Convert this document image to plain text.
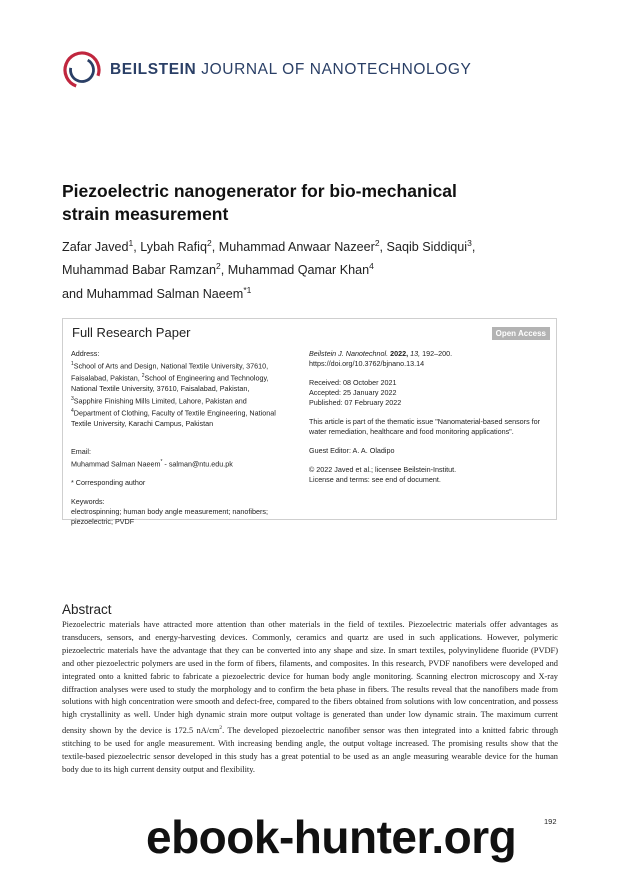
BEILSTEIN JOURNAL OF NANOTECHNOLOGY
Piezoelectric nanogenerator for bio-mechanical strain measurement
Zafar Javed$^1$, Lybah Rafiq$^2$, Muhammad Anwaar Nazeer$^2$, Saqib Siddiqui$^3$,
Muhammad Babar Ramzan$^2$, Muhammad Qamar Khan$^4$
and Muhammad Salman Naeem$^{*1}$
Full Research Paper	Open Access

Address:

$^1$School of Arts and Design, National Textile University, 37610, Faisalabad, Pakistan, $^2$School of Engineering and Technology, National Textile University, 37610, Faisalabad, Pakistan, $^3$Sapphire Finishing Mills Limited, Lahore, Pakistan and $^4$Department of Clothing, Faculty of Textile Engineering, National Textile University, Karachi Campus, Pakistan

Email:

Muhammad Salman Naeem* - salman@ntu.edu.pk

* Corresponding author

Keywords:

electrospinning; human body angle measurement; nanofibers; piezoelectric; PVDF

Beilstein J. Nanotechnol. 2022, 13, 192–200.

https://doi.org/10.3762/bjnano.13.14

Received: 08 October 2021

Accepted: 25 January 2022

Published: 07 February 2022

This article is part of the thematic issue "Nanomaterial-based sensors for water remediation, healthcare and food monitoring applications".

Guest Editor: A. A. Oladipo

© 2022 Javed et al.; licensee Beilstein-Institut.

License and terms: see end of document.

Abstract
Piezoelectric materials have attracted more attention than other materials in the field of textiles. Piezoelectric materials offer advantages as transducers, sensors, and energy-harvesting devices. Commonly, ceramics and quartz are used in such applications. However, polymeric piezoelectric materials have the advantage that they can be converted into any shape and size. In smart textiles, polyvinylidene fluoride (PVDF) and other piezoelectric polymers are used in the form of fibers, filaments, and composites. In this research, PVDF nanofibers were developed and integrated onto a knitted fabric to fabricate a piezoelectric device for human body angle monitoring. Scanning electron microscopy and X-ray diffraction analyses were used to study the morphology and to confirm the beta phase in fibers. The results reveal that the nanofibers made from solutions with high concentration were smooth and defect-free, compared to the fibers obtained from solutions with low concentration, and possess high crystallinity as well. Under high dynamic strain more output voltage is generated than under low dynamic strain. The maximum current density shown by the device is 172.5 $nA/cm^2$. The developed piezoelectric nanofiber sensor was then integrated into a knitted fabric through stitching to be used for angle measurement. With increasing bending angle, the output voltage increased. The promising results show that the textile-based piezoelectric sensor developed in this study has a great potential to be used as an angle measuring wearable device for the human body due to its high current density output and flexibility.
192
ebook-hunter.org
